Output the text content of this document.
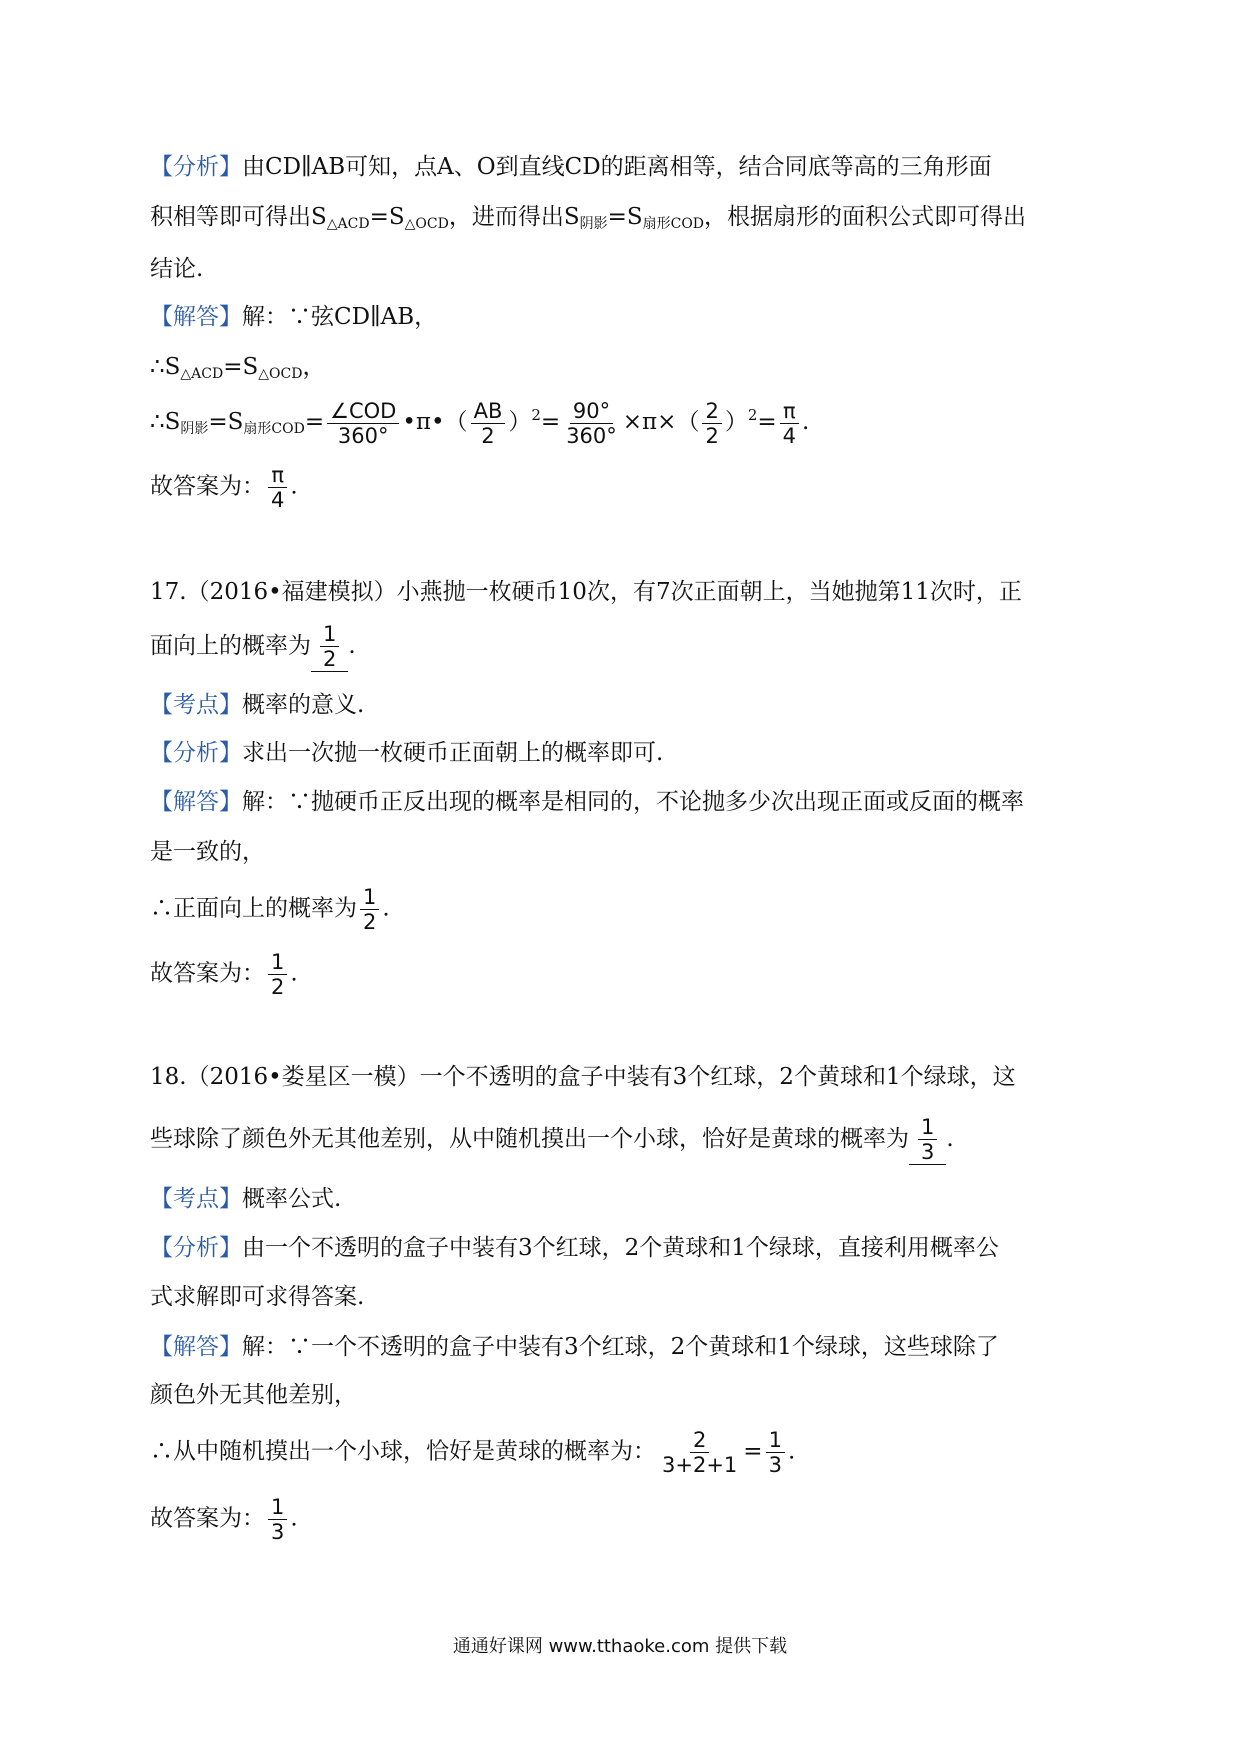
【分析】由CD∥AB可知，点A、O到直线CD的距离相等，结合同底等高的三角形面
积相等即可得出$S_{\triangle ACD}=S_{\triangle OCD}$，进而得出$S_{阴影}=S_{扇形COD}$，根据扇形的面积公式即可得出
结论.
【解答】解：∵弦CD∥AB，
$\therefore S_{\triangle ACD}=S_{\triangle OCD}$，
$\therefore S_{阴影}=S_{扇形COD}= \frac{\text{∠COD}}{360^\circ}$ •π•（ $\frac{AB}{2} )^2= \frac{90^\circ}{360^\circ} \times\pi\times( \frac{2}{2} )^2= \frac{\pi}{4}$ .
故答案为： $\frac{\pi}{4}$ .
17.（2016•福建模拟）小燕抛一枚硬币10次，有7次正面朝上，当她抛第11次时，正
面向上的概率为 $\frac{1}{2}$ .
【考点】概率的意义.
【分析】求出一次抛一枚硬币正面朝上的概率即可.
【解答】解：∵抛硬币正反出现的概率是相同的，不论抛多少次出现正面或反面的概率
是一致的，
∴正面向上的概率为 $\frac{1}{2}$ .
故答案为： $\frac{1}{2}$ .
18.（2016•娄星区一模）一个不透明的盒子中装有3个红球，2个黄球和1个绿球，这
些球除了颜色外无其他差别，从中随机摸出一个小球，恰好是黄球的概率为 $\frac{1}{3}$ .
【考点】概率公式.
【分析】由一个不透明的盒子中装有3个红球，2个黄球和1个绿球，直接利用概率公
式求解即可求得答案.
【解答】解：∵一个不透明的盒子中装有3个红球，2个黄球和1个绿球，这些球除了
颜色外无其他差别，
∴从中随机摸出一个小球，恰好是黄球的概率为： $\frac{2}{3+2+1} = \frac{1}{3}$ .
故答案为： $\frac{1}{3}$ .
通通好课网 www.tthaoke.com 提供下载
